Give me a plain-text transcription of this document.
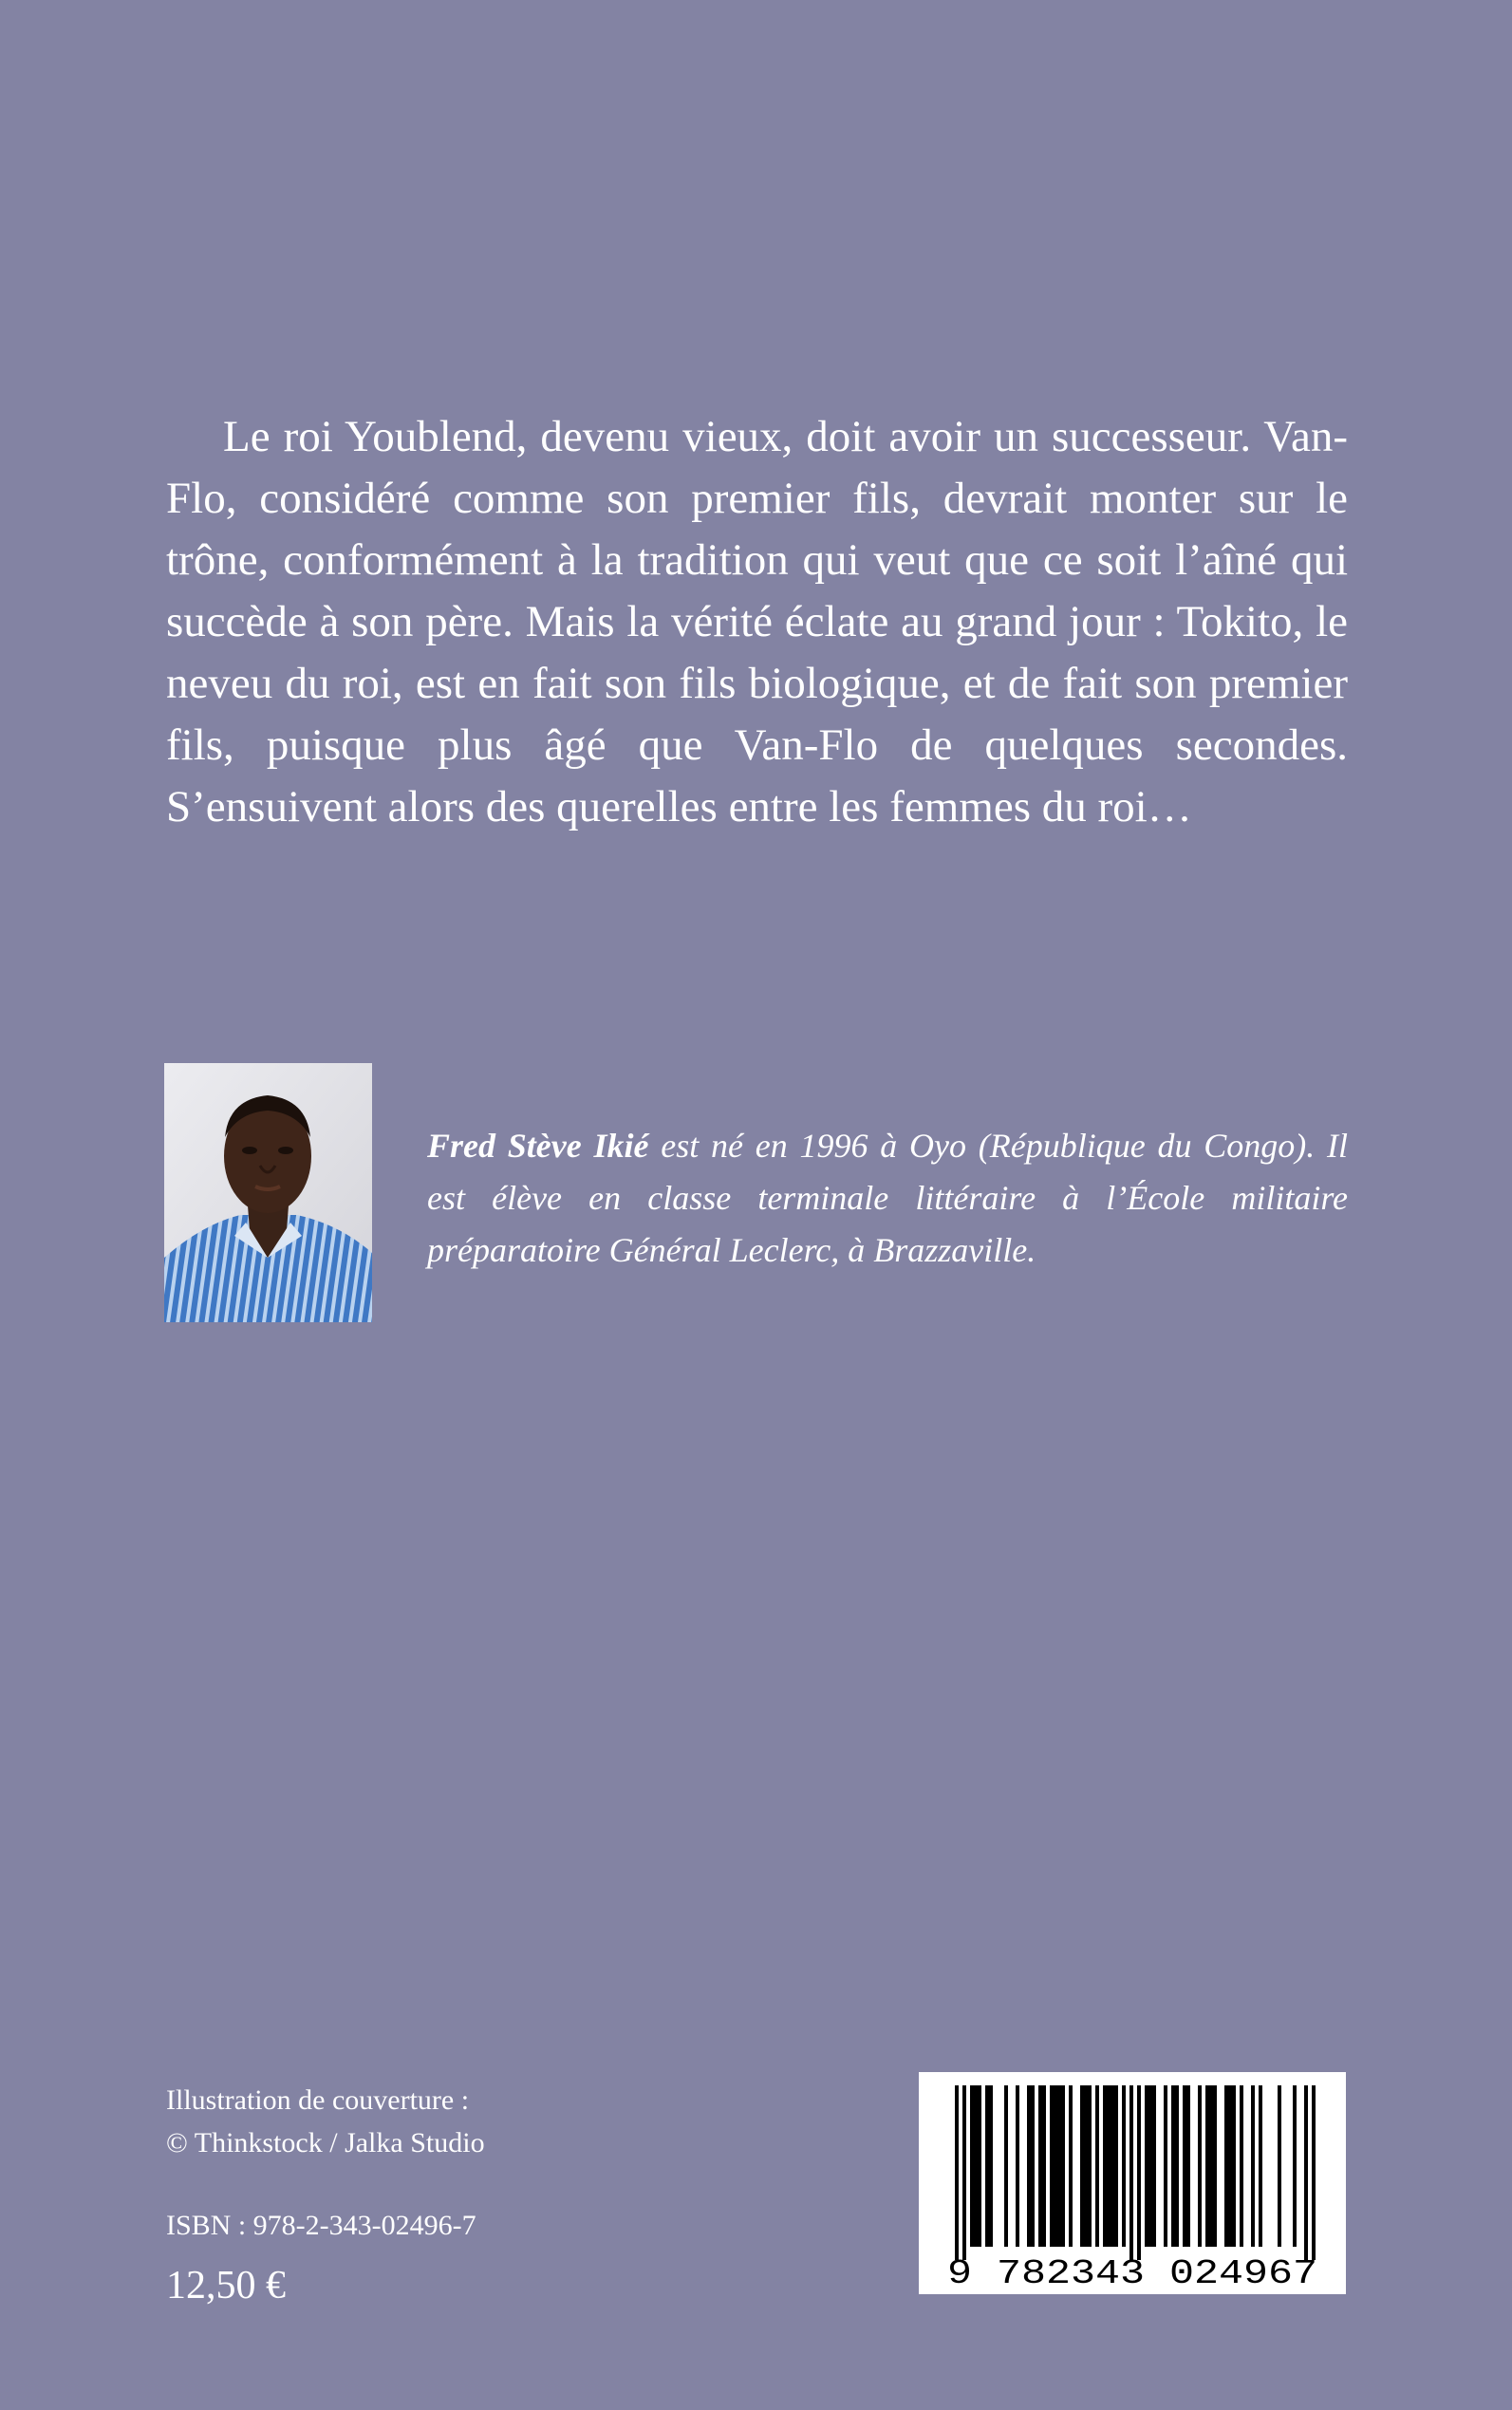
Le roi Youblend, devenu vieux, doit avoir un successeur. Van-Flo, considéré comme son premier fils, devrait monter sur le trône, conformément à la tradition qui veut que ce soit l’aîné qui succède à son père. Mais la vérité éclate au grand jour : Tokito, le neveu du roi, est en fait son fils biologique, et de fait son premier fils, puisque plus âgé que Van-Flo de quelques secondes. S’ensuivent alors des querelles entre les femmes du roi…

Fred Stève Ikié est né en 1996 à Oyo (République du Congo). Il est élève en classe terminale littéraire à l’École militaire préparatoire Général Leclerc, à Brazzaville.

Illustration de couverture :
© Thinkstock / Jalka Studio
ISBN : 978-2-343-02496-7
12,50 €	9 782343 024967
